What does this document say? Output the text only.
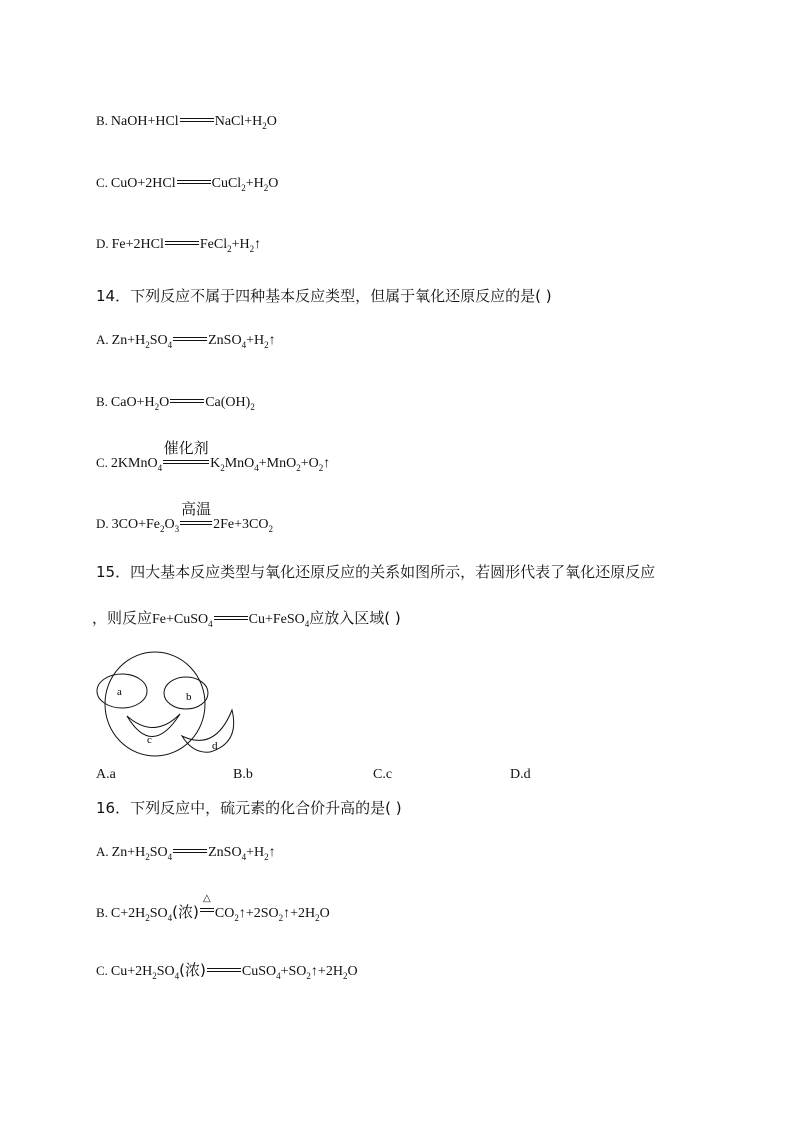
B. NaOH+HCl	$NaCl+H_2O$
C. CuO+2HCl	$CuCl_2+H_2O$
D. Fe+2HCl	$FeCl_2+H_2↑$
14．下列反应不属于四种基本反应类型，但属于氧化还原反应的是( )
A. $Zn+H_2SO_4$	$ZnSO_4+H_2↑$
B. $CaO+H_2O$	$Ca(OH)_2$
C. 2KMnO$_4$
催化剂
$K_2MnO_4+MnO_2+O_2↑$
D. $3CO+Fe_2O_3$
高温
$2Fe+3CO_2$
15．四大基本反应类型与氧化还原反应的关系如图所示，若圆形代表了氧化还原反应
，则反应Fe+CuSO$_4$	Cu+FeSO$_4$应放入区域( )
a	b
c	d
A.a	B.b	C.c	D.d
16．下列反应中，硫元素的化合价升高的是( )
A. $Zn+H_2SO_4$	$ZnSO_4+H_2↑$
B. $C+2H_2SO_4$(浓)
△
$CO_2↑+2SO_2↑+2H_2O$
C. $Cu+2H_2SO_4$(浓)	$CuSO_4+SO_2↑+2H_2O$
